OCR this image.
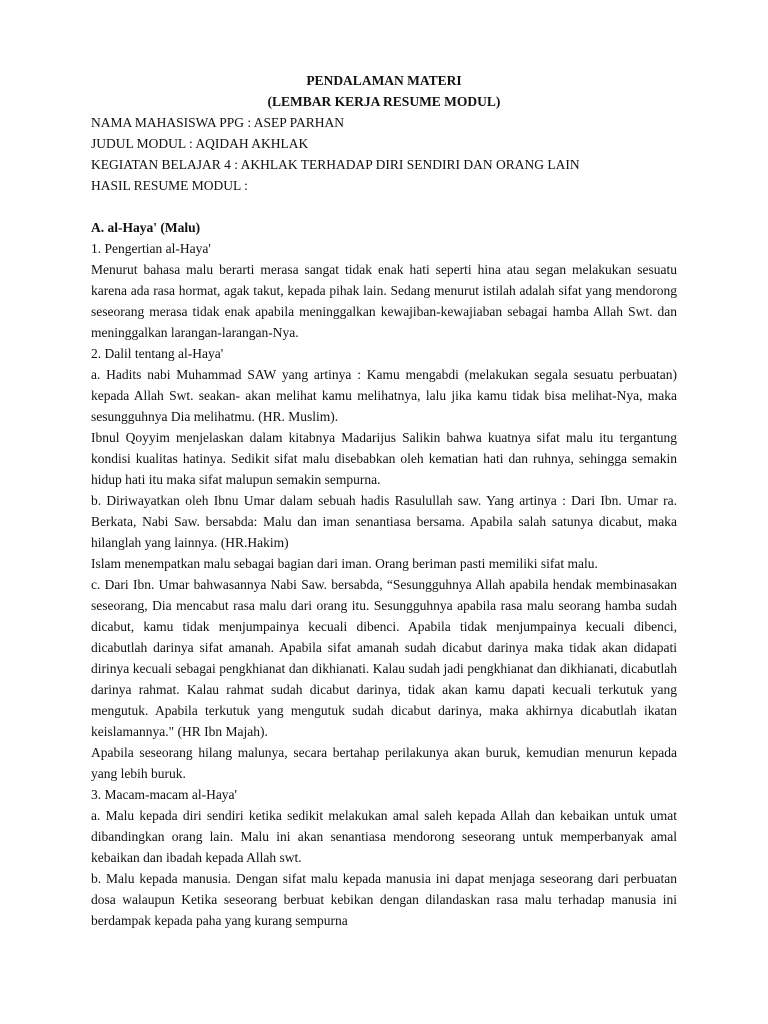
PENDALAMAN MATERI
(LEMBAR KERJA RESUME MODUL)
NAMA MAHASISWA PPG : ASEP PARHAN
JUDUL MODUL : AQIDAH AKHLAK
KEGIATAN BELAJAR 4 : AKHLAK TERHADAP DIRI SENDIRI DAN ORANG LAIN
HASIL RESUME MODUL :
A. al-Haya' (Malu)
1. Pengertian al-Haya'

Menurut bahasa malu berarti merasa sangat tidak enak hati seperti hina atau segan melakukan sesuatu karena ada rasa hormat, agak takut, kepada pihak lain. Sedang menurut istilah adalah sifat yang mendorong seseorang merasa tidak enak apabila meninggalkan kewajiban-kewajiaban sebagai hamba Allah Swt. dan meninggalkan larangan-larangan-Nya.

2. Dalil tentang al-Haya'

a. Hadits nabi Muhammad SAW yang artinya : Kamu mengabdi (melakukan segala sesuatu perbuatan) kepada Allah Swt. seakan- akan melihat kamu melihatnya, lalu jika kamu tidak bisa melihat-Nya, maka sesungguhnya Dia melihatmu. (HR. Muslim).

Ibnul Qoyyim menjelaskan dalam kitabnya Madarijus Salikin bahwa kuatnya sifat malu itu tergantung kondisi kualitas hatinya. Sedikit sifat malu disebabkan oleh kematian hati dan ruhnya, sehingga semakin hidup hati itu maka sifat malupun semakin sempurna.

b. Diriwayatkan oleh Ibnu Umar dalam sebuah hadis Rasulullah saw. Yang artinya : Dari Ibn. Umar ra. Berkata, Nabi Saw. bersabda: Malu dan iman senantiasa bersama. Apabila salah satunya dicabut, maka hilanglah yang lainnya. (HR.Hakim)

Islam menempatkan malu sebagai bagian dari iman. Orang beriman pasti memiliki sifat malu.

c. Dari Ibn. Umar bahwasannya Nabi Saw. bersabda, “Sesungguhnya Allah apabila hendak membinasakan seseorang, Dia mencabut rasa malu dari orang itu. Sesungguhnya apabila rasa malu seorang hamba sudah dicabut, kamu tidak menjumpainya kecuali dibenci. Apabila tidak menjumpainya kecuali dibenci, dicabutlah darinya sifat amanah. Apabila sifat amanah sudah dicabut darinya maka tidak akan didapati dirinya kecuali sebagai pengkhianat dan dikhianati. Kalau sudah jadi pengkhianat dan dikhianati, dicabutlah darinya rahmat. Kalau rahmat sudah dicabut darinya, tidak akan kamu dapati kecuali terkutuk yang mengutuk. Apabila terkutuk yang mengutuk sudah dicabut darinya, maka akhirnya dicabutlah ikatan keislamannya." (HR Ibn Majah).

Apabila seseorang hilang malunya, secara bertahap perilakunya akan buruk, kemudian menurun kepada yang lebih buruk.

3. Macam-macam al-Haya'

a. Malu kepada diri sendiri ketika sedikit melakukan amal saleh kepada Allah dan kebaikan untuk umat dibandingkan orang lain. Malu ini akan senantiasa mendorong seseorang untuk memperbanyak amal kebaikan dan ibadah kepada Allah swt.

b. Malu kepada manusia. Dengan sifat malu kepada manusia ini dapat menjaga seseorang dari perbuatan dosa walaupun Ketika seseorang berbuat kebikan dengan dilandaskan rasa malu terhadap manusia ini berdampak kepada paha yang kurang sempurna
